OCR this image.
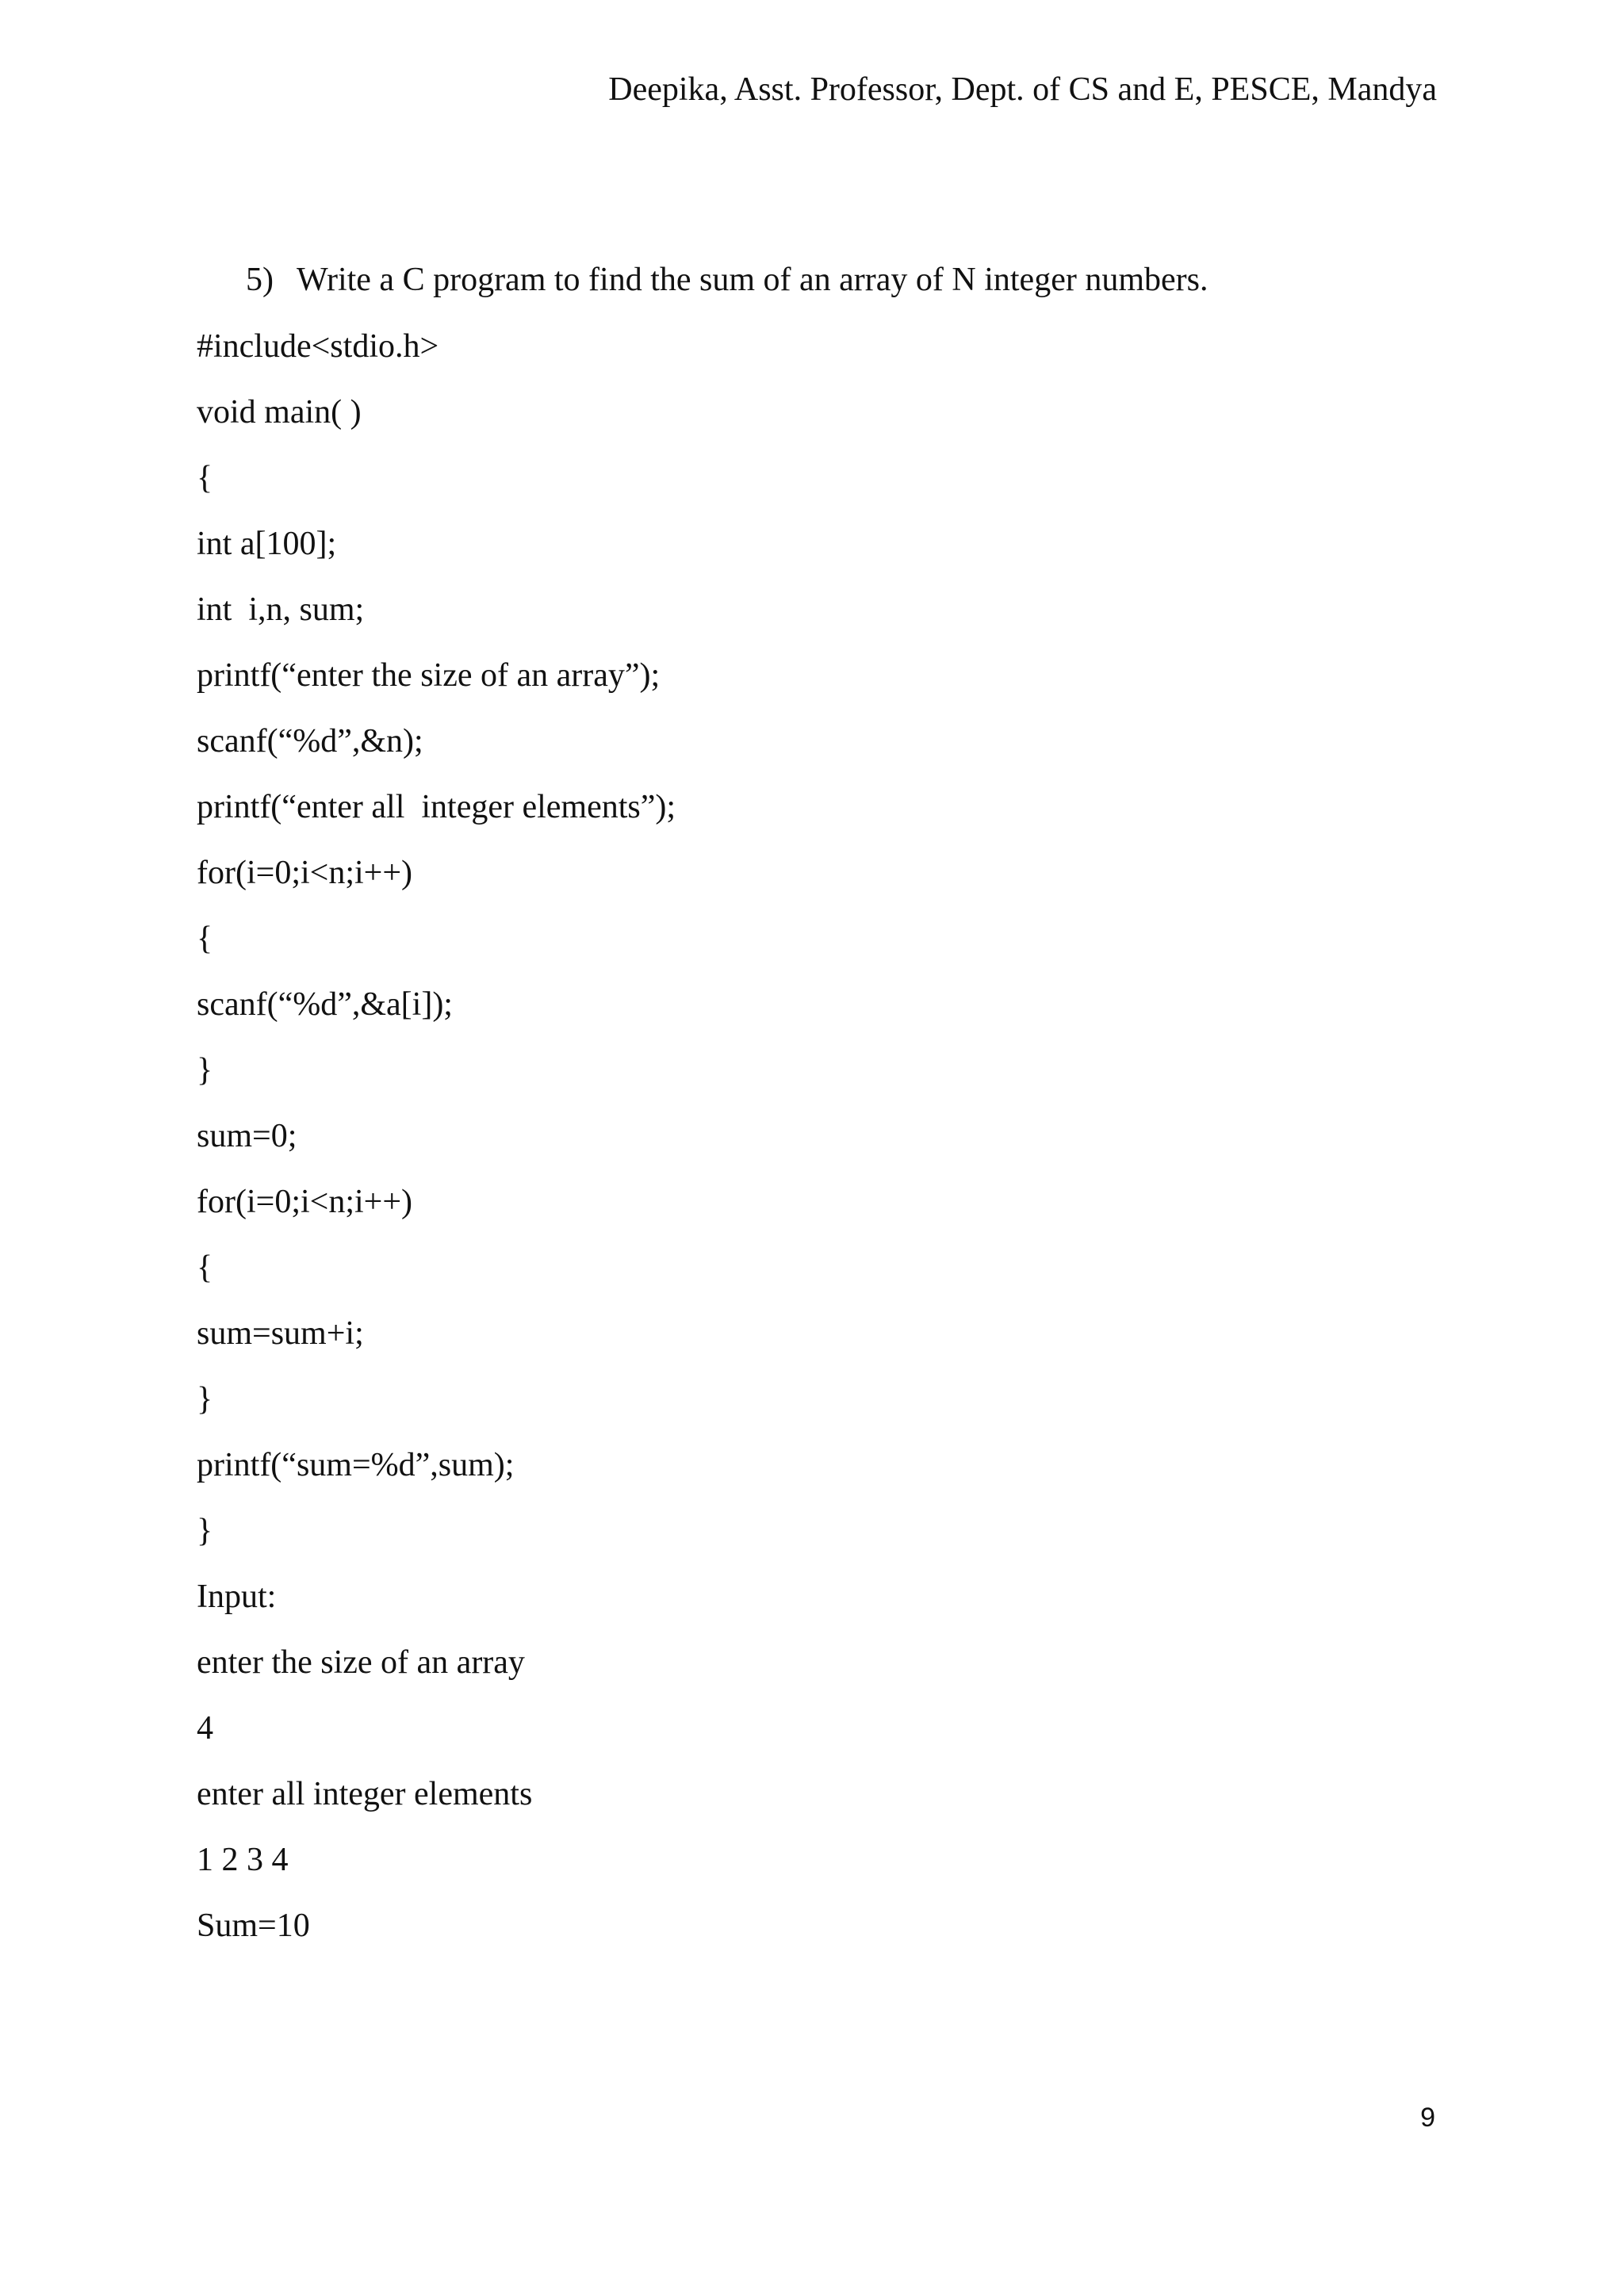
Deepika, Asst. Professor, Dept. of CS and E, PESCE, Mandya
5) Write a C program to find the sum of an array of N integer numbers.
#include<stdio.h>
void main( )
{
int a[100];
int  i,n, sum;
printf(“enter the size of an array”);
scanf(“%d”,&n);
printf(“enter all  integer elements”);
for(i=0;i<n;i++)
{
scanf(“%d”,&a[i]);
}
sum=0;
for(i=0;i<n;i++)
{
sum=sum+i;
}
printf(“sum=%d”,sum);
}
Input:
enter the size of an array
4
enter all integer elements
1 2 3 4
Sum=10
9
